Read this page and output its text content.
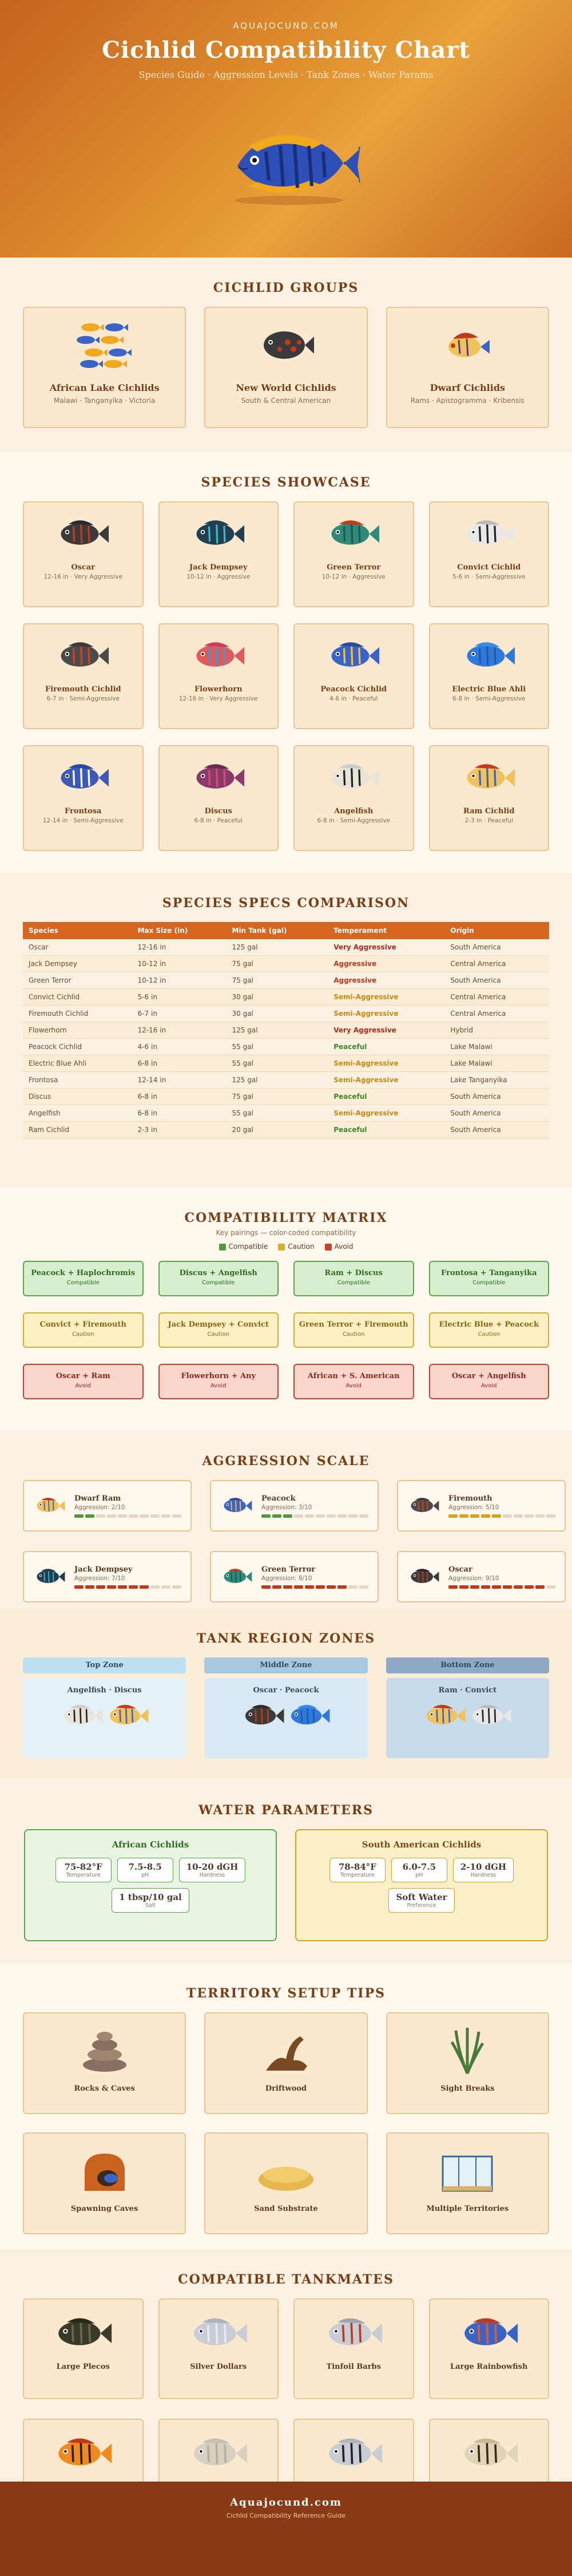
AQUAJOCUND.COM
Cichlid Compatibility Chart
Species Guide · Aggression Levels · Tank Zones · Water Params
CICHLID GROUPS
African Lake Cichlids
Malawi · Tanganyika · Victoria
New World Cichlids
South & Central American
Dwarf Cichlids
Rams · Apistogramma · Kribensis
SPECIES SHOWCASE
Oscar
12-16 in · Very Aggressive
Jack Dempsey
10-12 in · Aggressive
Green Terror
10-12 in · Aggressive
Convict Cichlid
5-6 in · Semi-Aggressive
Firemouth Cichlid
6-7 in · Semi-Aggressive
Flowerhorn
12-16 in · Very Aggressive
Peacock Cichlid
4-6 in · Peaceful
Electric Blue Ahli
6-8 in · Semi-Aggressive
Frontosa
12-14 in · Semi-Aggressive
Discus
6-8 in · Peaceful
Angelfish
6-8 in · Semi-Aggressive
Ram Cichlid
2-3 in · Peaceful
SPECIES SPECS COMPARISON
Species	Max Size (in)	Min Tank (gal)	Temperament	Origin
Oscar	12-16 in	125 gal	Very Aggressive	South America
Jack Dempsey	10-12 in	75 gal	Aggressive	Central America
Green Terror	10-12 in	75 gal	Aggressive	South America
Convict Cichlid	5-6 in	30 gal	Semi-Aggressive	Central America
Firemouth Cichlid	6-7 in	30 gal	Semi-Aggressive	Central America
Flowerhorn	12-16 in	125 gal	Very Aggressive	Hybrid
Peacock Cichlid	4-6 in	55 gal	Peaceful	Lake Malawi
Electric Blue Ahli	6-8 in	55 gal	Semi-Aggressive	Lake Malawi
Frontosa	12-14 in	125 gal	Semi-Aggressive	Lake Tanganyika
Discus	6-8 in	75 gal	Peaceful	South America
Angelfish	6-8 in	55 gal	Semi-Aggressive	South America
Ram Cichlid	2-3 in	20 gal	Peaceful	South America
COMPATIBILITY MATRIX
Key pairings — color-coded compatibility
Compatible	Caution	Avoid
Peacock + Haplochromis
Compatible
Discus + Angelfish
Compatible
Ram + Discus
Compatible
Frontosa + Tanganyika
Compatible
Convict + Firemouth
Caution
Jack Dempsey + Convict
Caution
Green Terror + Firemouth
Caution
Electric Blue + Peacock
Caution
Oscar + Ram
Avoid
Flowerhorn + Any
Avoid
African + S. American
Avoid
Oscar + Angelfish
Avoid
AGGRESSION SCALE
Dwarf Ram
Aggression: 2/10
Peacock
Aggression: 3/10
Firemouth
Aggression: 5/10
Jack Dempsey
Aggression: 7/10
Green Terror
Aggression: 8/10
Oscar
Aggression: 9/10
TANK REGION ZONES
Top Zone
Angelfish · Discus
Middle Zone
Oscar · Peacock
Bottom Zone
Ram · Convict
WATER PARAMETERS
African Cichlids
75-82°F
Temperature
7.5-8.5
pH
10-20 dGH
Hardness
1 tbsp/10 gal
Salt
South American Cichlids
78-84°F
Temperature
6.0-7.5
pH
2-10 dGH
Hardness
Soft Water
Preference
TERRITORY SETUP TIPS
Rocks & Caves	Driftwood	Sight Breaks
Spawning Caves	Sand Substrate	Multiple Territories
COMPATIBLE TANKMATES
Large Plecos	Silver Dollars	Tinfoil Barbs	Large Rainbowfish
Aquajocund.com
Cichlid Compatibility Reference Guide
